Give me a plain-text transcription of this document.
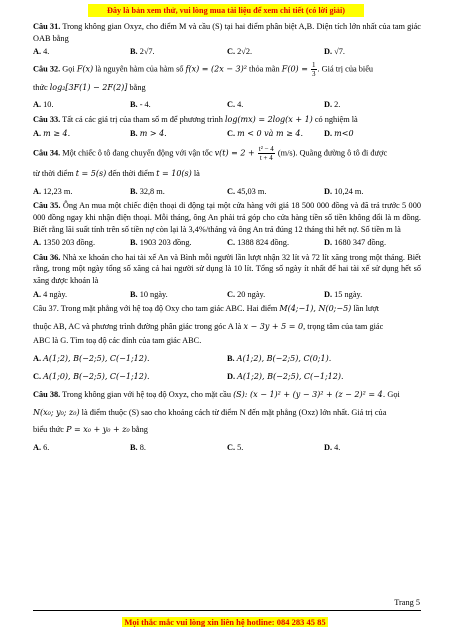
Đây là bản xem thử, vui lòng mua tài liệu để xem chi tiết (có lời giải)
Câu 31. Trong không gian Oxyz, cho điểm M và cầu (S) tại hai điểm phân biệt A,B. Diện tích lớn nhất của tam giác OAB bằng
A. 4.	B. 2√7.	C. 2√2.	D. √7.
Câu 32. Gọi F(x) là nguyên hàm của hàm số f(x) = (2x − 3)² thỏa mãn $F(0) = \frac{1}{3}$ . Giá trị của biểu
thức log₂[3F(1) − 2F(2)] bằng
A. 10.	B. - 4.	C. 4.	D. 2.
Câu 33. Tất cả các giá trị của tham số m để phương trình log(mx) = 2log(x + 1) có nghiệm là
A. m ≥ 4.	B. m > 4.	C. m < 0 và m ≥ 4.	D. m<0
Câu 34. Một chiếc ô tô đang chuyển động với vận tốc $v(t) = 2 + \frac{\text{t² − 4}}{t + 4} (m/s)$. Quãng đường ô tô đi được
từ thời điểm t = 5(s) đến thời điểm t = 10(s) là
A. 12,23 m.	B. 32,8 m.	C. 45,03 m.	D. 10,24 m.
Câu 35. Ông An mua một chiếc điện thoại di động tại một cửa hàng với giá 18 500 000 đồng và đã trả trước 5 000 000 đồng ngay khi nhận điện thoại. Mỗi tháng, ông An phải trả góp cho cửa hàng tiền số tiền không đổi là m đồng. Biết rằng lãi suất tính trên số tiền nợ còn lại là 3,4%/tháng và ông An trả đúng 12 tháng thì hết nợ. Số tiền m là
A. 1350 203 đồng.	B. 1903 203 đồng.	C. 1388 824 đồng.	D. 1680 347 đồng.
Câu 36. Nhà xe khoán cho hai tài xế An và Bình mỗi người lần lượt nhận 32 lít và 72 lít xăng trong một tháng. Biết rằng, trong một ngày tổng số xăng cả hai người sử dụng là 10 lít. Tổng số ngày ít nhất để hai tài xế sử dụng hết số xăng được khoán là
A. 4 ngày.	B. 10 ngày.	C. 20 ngày.	D. 15 ngày.
Câu 37. Trong mặt phẳng với hệ toạ độ Oxy cho tam giác ABC. Hai điểm M(4;−1), N(0;−5) lần lượt
thuộc AB, AC và phương trình đường phân giác trong góc A là x − 3y + 5 = 0, trọng tâm của tam giác
ABC là G. Tìm toạ độ các đỉnh của tam giác ABC.
A. A(1;2), B(−2;5), C(−1;12).	B. A(1;2), B(−2;5), C(0;1).
C. A(1;0), B(−2;5), C(−1;12).	D. A(1;2), B(−2;5), C(−1;12).
Câu 38. Trong không gian với hệ toạ độ Oxyz, cho mặt cầu (S): (x − 1)² + (y − 3)² + (z − 2)² = 4. Gọi
N(x₀; y₀; z₀) là điểm thuộc (S) sao cho khoảng cách từ điểm N đến mặt phẳng (Oxz) lớn nhất. Giá trị của
biểu thức P = x₀ + y₀ + z₀ bằng
A. 6.	B. 8.	C. 5.	D. 4.
Trang 5
Mọi thắc mắc vui lòng xin liên hệ hotline: 084 283 45 85
